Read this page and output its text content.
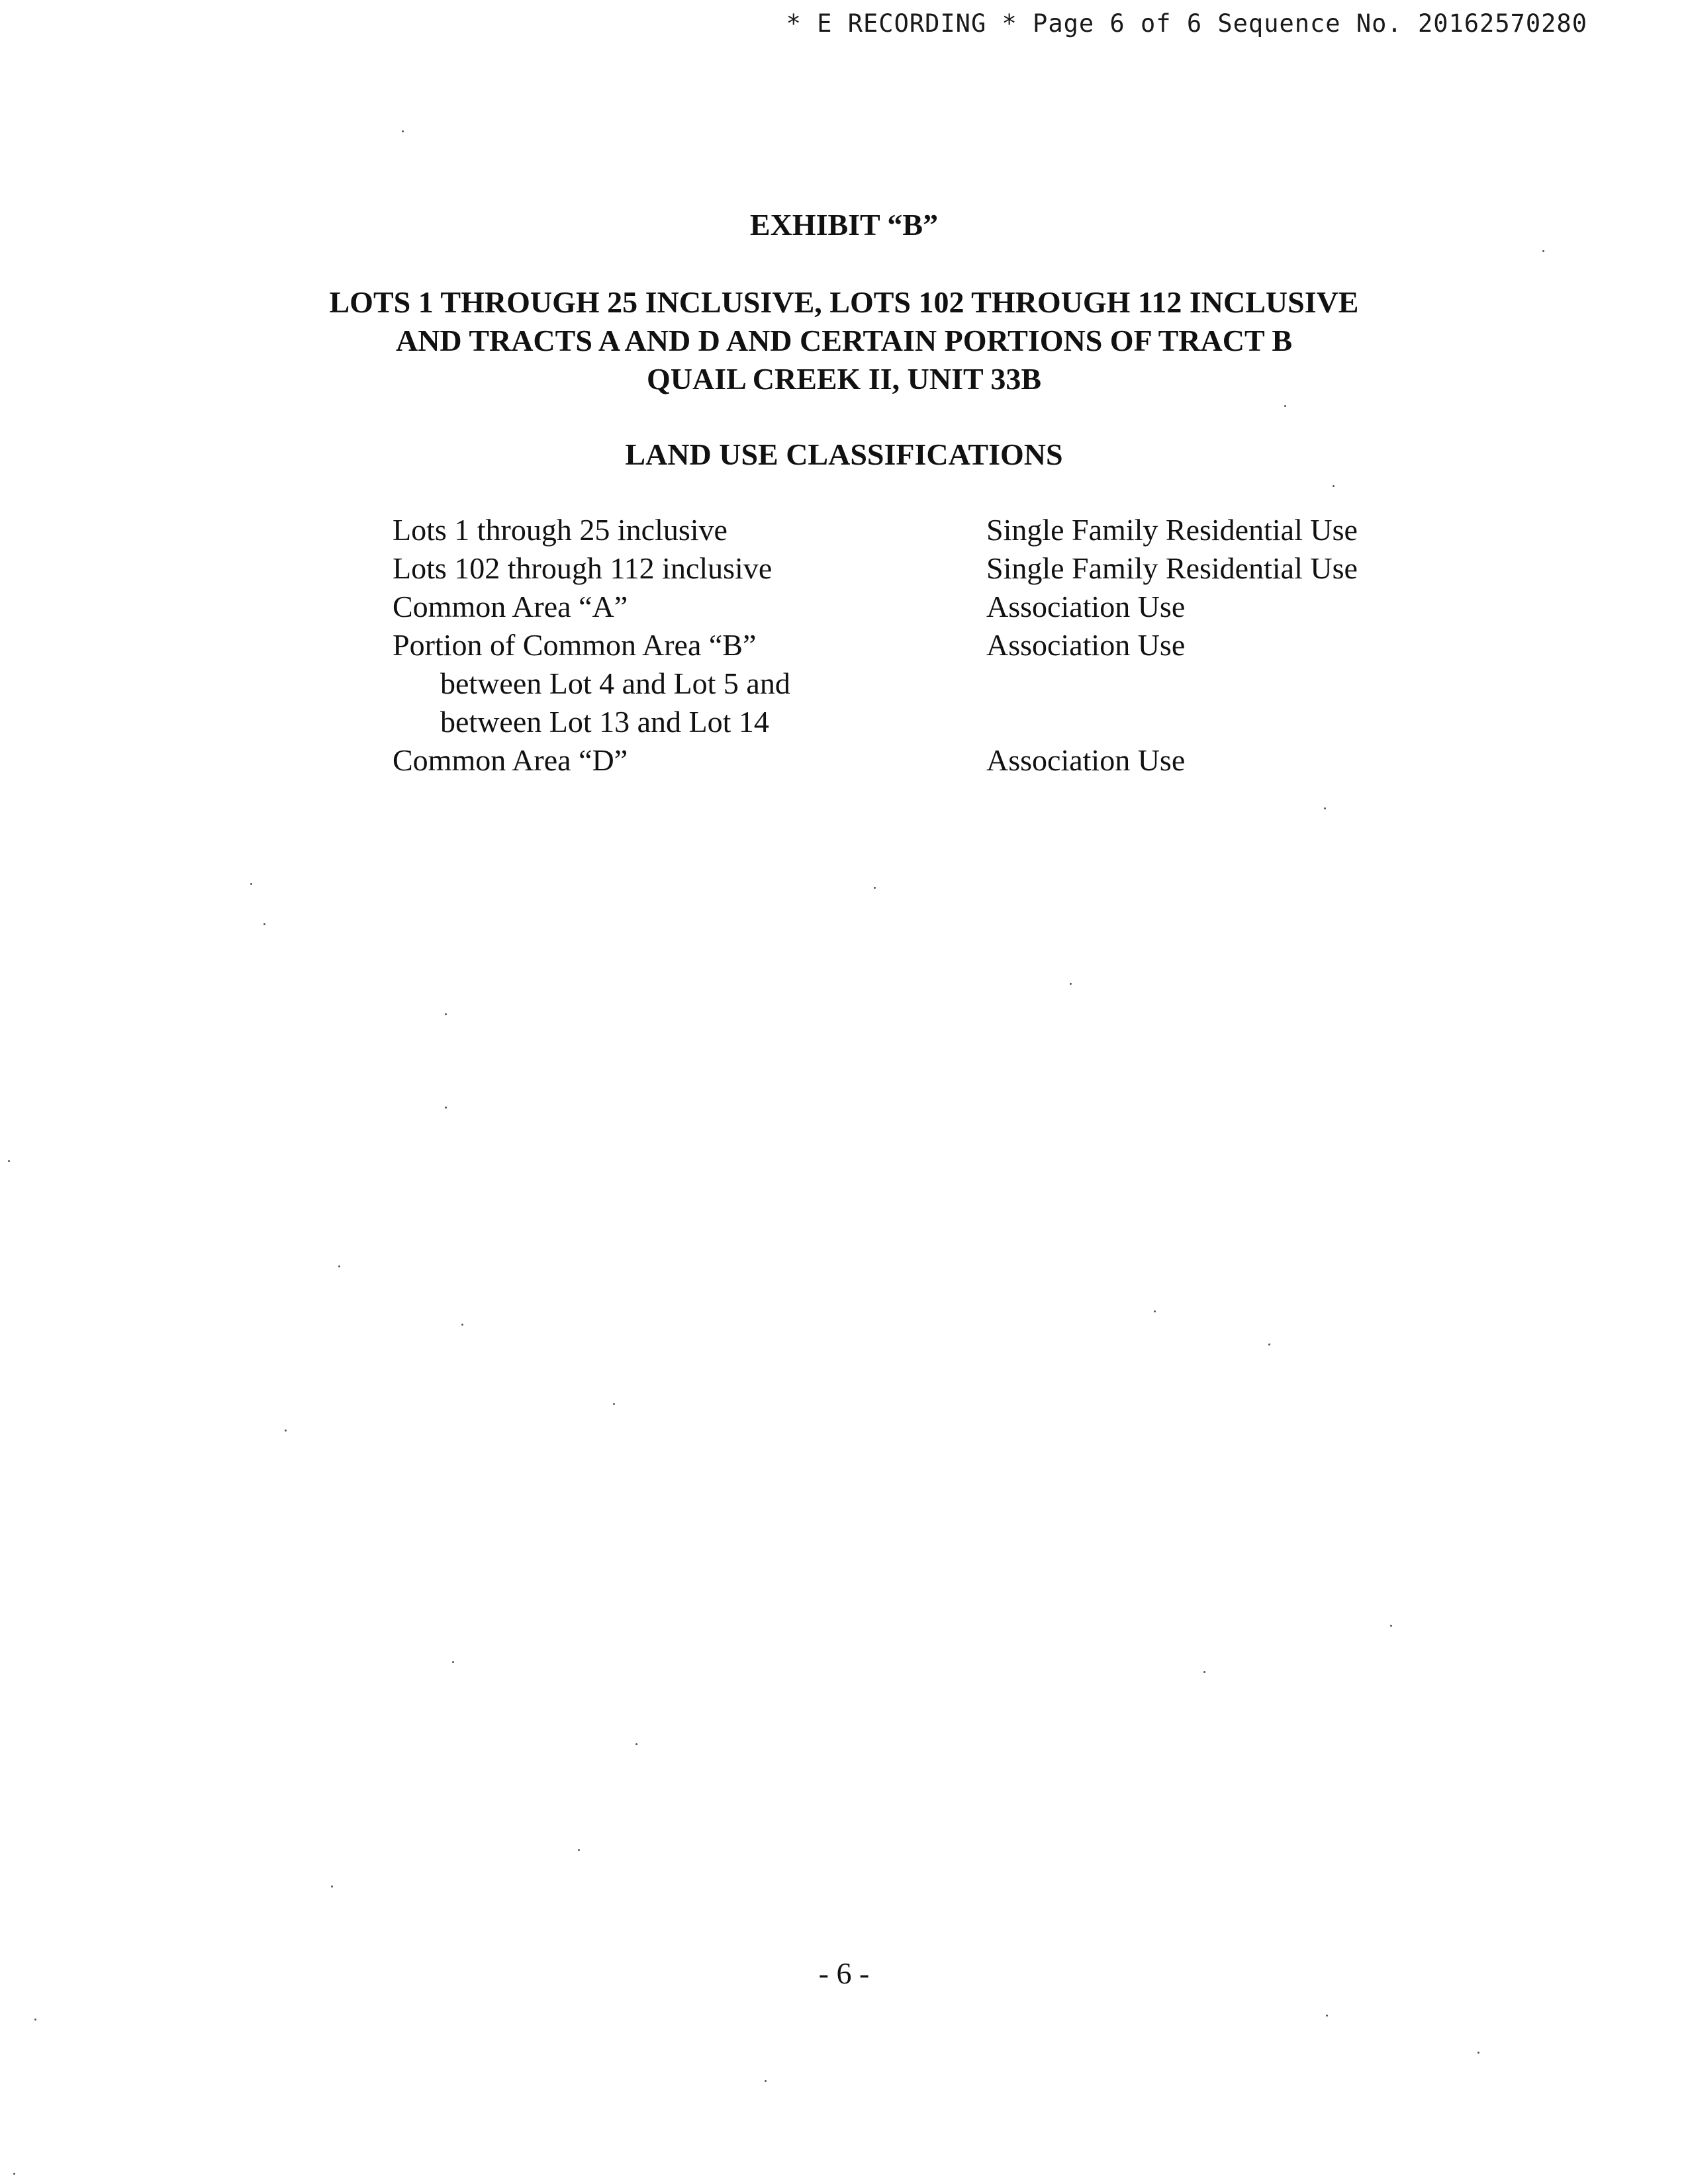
* E RECORDING * Page 6 of 6 Sequence No. 20162570280
EXHIBIT “B”
LOTS 1 THROUGH 25 INCLUSIVE, LOTS 102 THROUGH 112 INCLUSIVE
AND TRACTS A AND D AND CERTAIN PORTIONS OF TRACT B
QUAIL CREEK II, UNIT 33B
LAND USE CLASSIFICATIONS
Lots 1 through 25 inclusive	Single Family Residential Use
Lots 102 through 112 inclusive	Single Family Residential Use
Common Area “A”	Association Use
Portion of Common Area “B”	Association Use
between Lot 4 and Lot 5 and
between Lot 13 and Lot 14
Common Area “D”	Association Use
- 6 -
